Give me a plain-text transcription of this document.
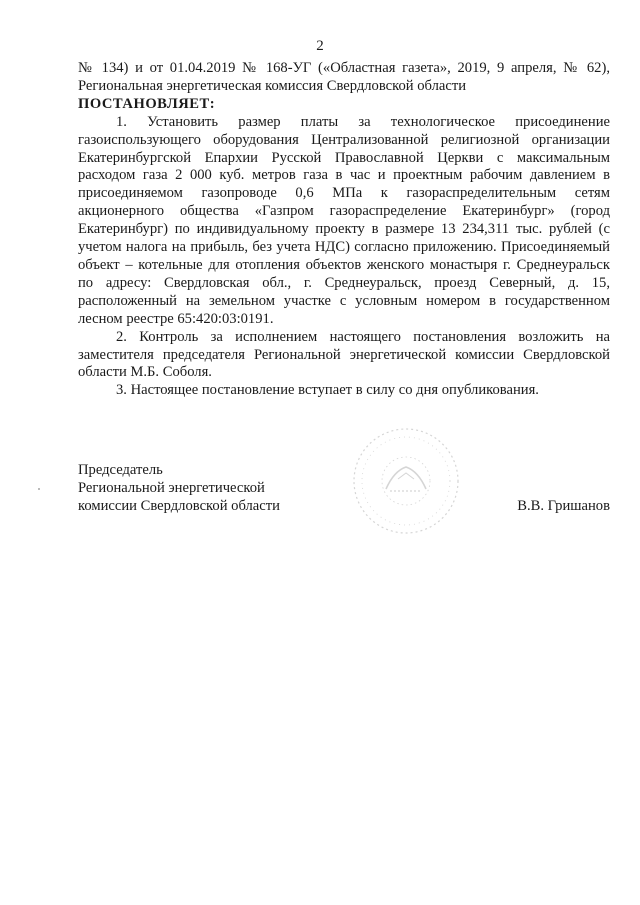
2

№ 134) и от 01.04.2019 № 168-УГ («Областная газета», 2019, 9 апреля, № 62),

Региональная энергетическая комиссия Свердловской области

ПОСТАНОВЛЯЕТ:

1. Установить размер платы за технологическое присоединение газоиспользующего оборудования Централизованной религиозной организации Екатеринбургской Епархии Русской Православной Церкви с максимальным расходом газа 2 000 куб. метров газа в час и проектным рабочим давлением в присоединяемом газопроводе 0,6 МПа к газораспределительным сетям акционерного общества «Газпром газораспределение Екатеринбург» (город Екатеринбург) по индивидуальному проекту в размере 13 234,311 тыс. рублей (с учетом налога на прибыль, без учета НДС) согласно приложению. Присоединяемый объект – котельные для отопления объектов женского монастыря г. Среднеуральск по адресу: Свердловская обл., г. Среднеуральск, проезд Северный, д. 15, расположенный на земельном участке с условным номером в государственном лесном реестре 65:420:03:0191.

2. Контроль за исполнением настоящего постановления возложить на заместителя председателя Региональной энергетической комиссии Свердловской области М.Б. Соболя.

3. Настоящее постановление вступает в силу со дня опубликования.

Председатель
Региональной энергетической
комиссии Свердловской области	В.В. Гришанов
